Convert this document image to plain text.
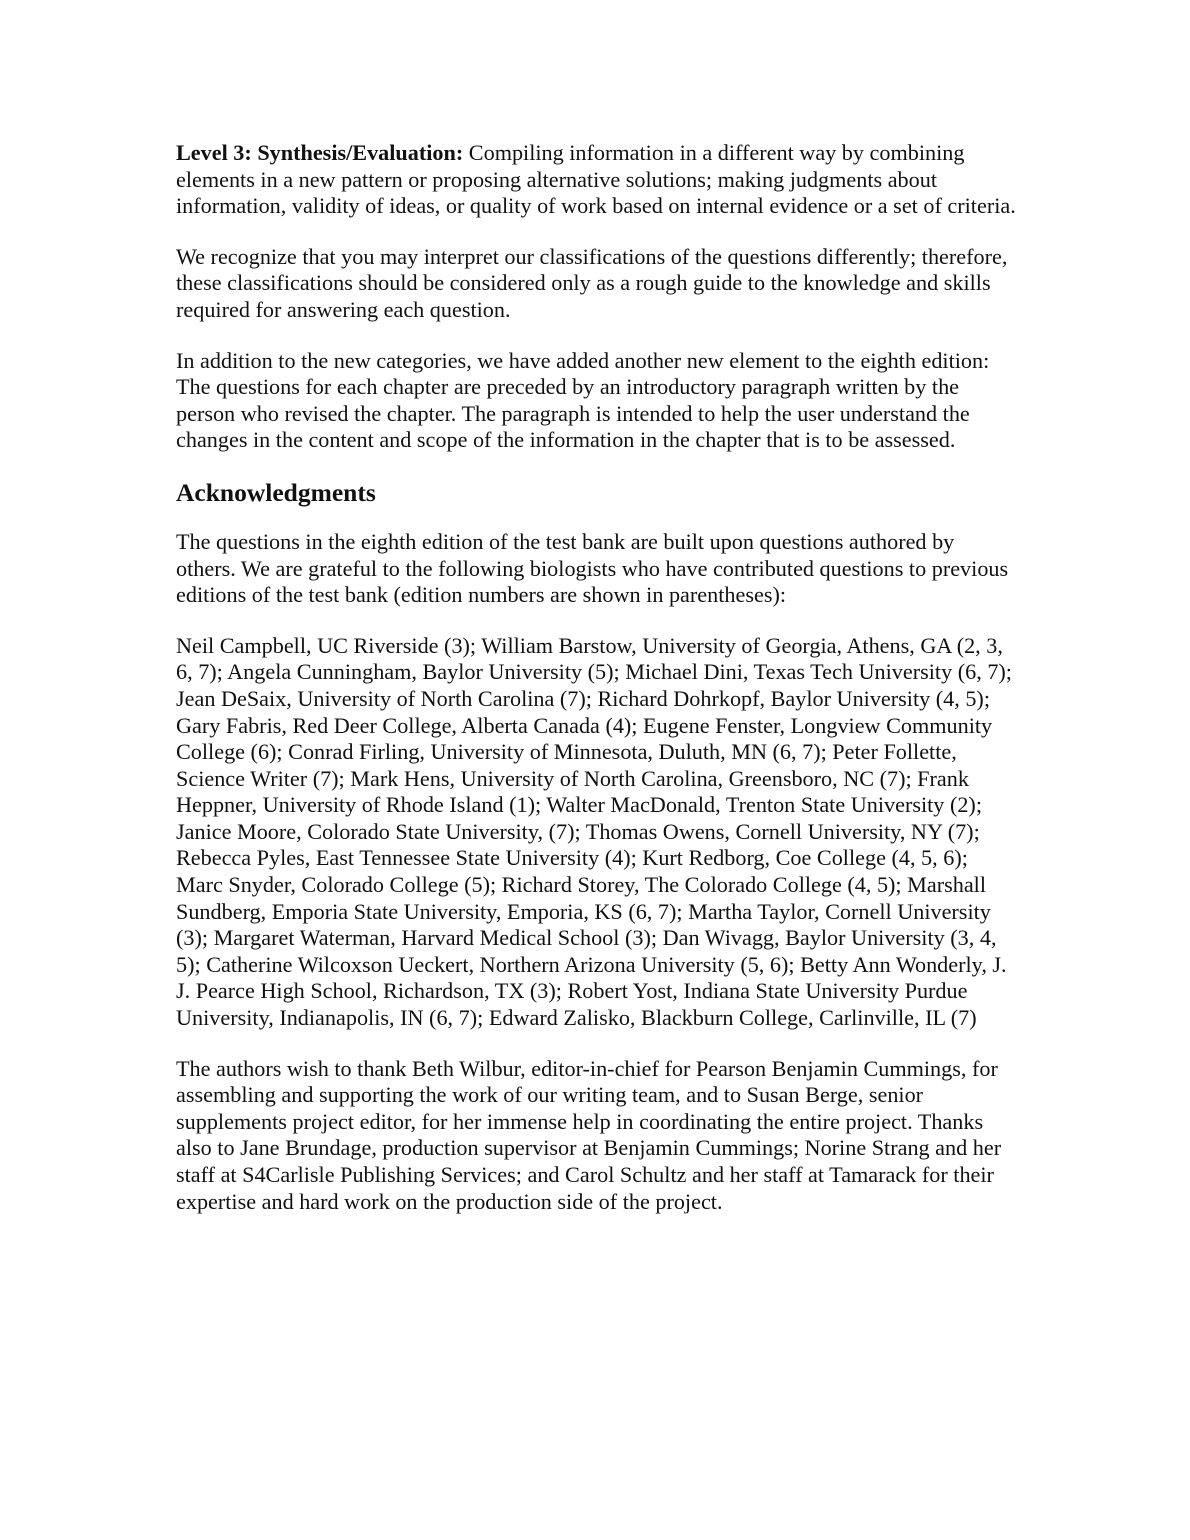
Level 3: Synthesis/Evaluation: Compiling information in a different way by combining elements in a new pattern or proposing alternative solutions; making judgments about information, validity of ideas, or quality of work based on internal evidence or a set of criteria.

We recognize that you may interpret our classifications of the questions differently; therefore, these classifications should be considered only as a rough guide to the knowledge and skills required for answering each question.

In addition to the new categories, we have added another new element to the eighth edition: The questions for each chapter are preceded by an introductory paragraph written by the person who revised the chapter. The paragraph is intended to help the user understand the changes in the content and scope of the information in the chapter that is to be assessed.

Acknowledgments

The questions in the eighth edition of the test bank are built upon questions authored by others. We are grateful to the following biologists who have contributed questions to previous editions of the test bank (edition numbers are shown in parentheses):

Neil Campbell, UC Riverside (3); William Barstow, University of Georgia, Athens, GA (2, 3, 6, 7); Angela Cunningham, Baylor University (5); Michael Dini, Texas Tech University (6, 7); Jean DeSaix, University of North Carolina (7); Richard Dohrkopf, Baylor University (4, 5); Gary Fabris, Red Deer College, Alberta Canada (4); Eugene Fenster, Longview Community College (6); Conrad Firling, University of Minnesota, Duluth, MN (6, 7); Peter Follette, Science Writer (7); Mark Hens, University of North Carolina, Greensboro, NC (7); Frank Heppner, University of Rhode Island (1); Walter MacDonald, Trenton State University (2); Janice Moore, Colorado State University, (7); Thomas Owens, Cornell University, NY (7); Rebecca Pyles, East Tennessee State University (4); Kurt Redborg, Coe College (4, 5, 6); Marc Snyder, Colorado College (5); Richard Storey, The Colorado College (4, 5); Marshall Sundberg, Emporia State University, Emporia, KS (6, 7); Martha Taylor, Cornell University (3); Margaret Waterman, Harvard Medical School (3); Dan Wivagg, Baylor University (3, 4, 5); Catherine Wilcoxson Ueckert, Northern Arizona University (5, 6); Betty Ann Wonderly, J. J. Pearce High School, Richardson, TX (3); Robert Yost, Indiana State University Purdue University, Indianapolis, IN (6, 7); Edward Zalisko, Blackburn College, Carlinville, IL (7)

The authors wish to thank Beth Wilbur, editor-in-chief for Pearson Benjamin Cummings, for assembling and supporting the work of our writing team, and to Susan Berge, senior supplements project editor, for her immense help in coordinating the entire project. Thanks also to Jane Brundage, production supervisor at Benjamin Cummings; Norine Strang and her staff at S4Carlisle Publishing Services; and Carol Schultz and her staff at Tamarack for their expertise and hard work on the production side of the project.
